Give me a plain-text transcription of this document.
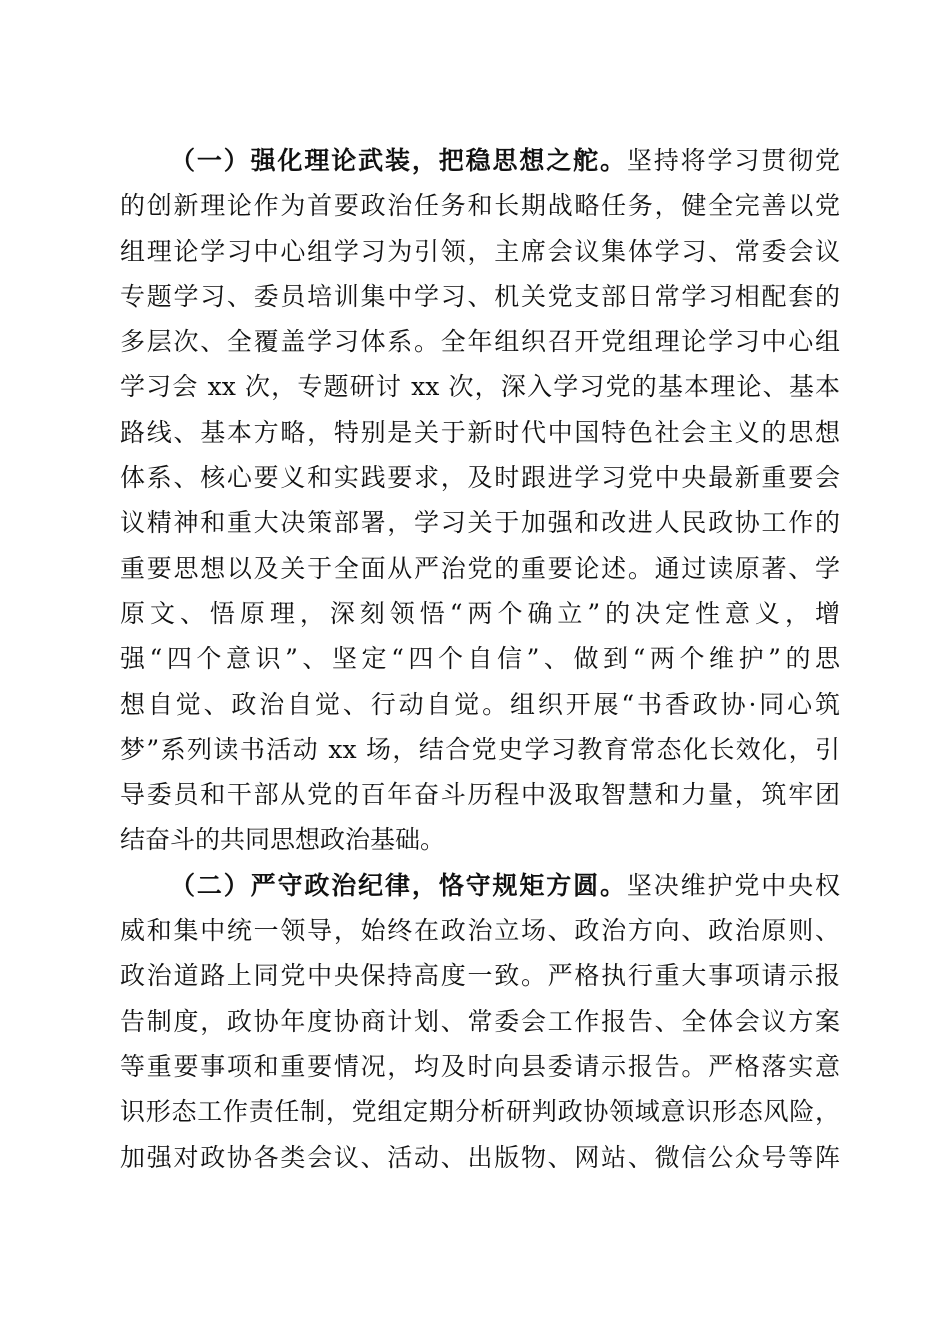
（一）强化理论武装，把稳思想之舵。坚持将学习贯彻党
的创新理论作为首要政治任务和长期战略任务，健全完善以党
组理论学习中心组学习为引领，主席会议集体学习、常委会议
专题学习、委员培训集中学习、机关党支部日常学习相配套的
多层次、全覆盖学习体系。全年组织召开党组理论学习中心组
学习会 xx 次，专题研讨 xx 次，深入学习党的基本理论、基本
路线、基本方略，特别是关于新时代中国特色社会主义的思想
体系、核心要义和实践要求，及时跟进学习党中央最新重要会
议精神和重大决策部署，学习关于加强和改进人民政协工作的
重要思想以及关于全面从严治党的重要论述。通过读原著、学
原文、悟原理，深刻领悟“两个确立”的决定性意义，增
强“四个意识”、坚定“四个自信”、做到“两个维护”的思
想自觉、政治自觉、行动自觉。组织开展“书香政协·同心筑
梦”系列读书活动 xx 场，结合党史学习教育常态化长效化，引
导委员和干部从党的百年奋斗历程中汲取智慧和力量，筑牢团
结奋斗的共同思想政治基础。
（二）严守政治纪律，恪守规矩方圆。坚决维护党中央权
威和集中统一领导，始终在政治立场、政治方向、政治原则、
政治道路上同党中央保持高度一致。严格执行重大事项请示报
告制度，政协年度协商计划、常委会工作报告、全体会议方案
等重要事项和重要情况，均及时向县委请示报告。严格落实意
识形态工作责任制，党组定期分析研判政协领域意识形态风险，
加强对政协各类会议、活动、出版物、网站、微信公众号等阵
